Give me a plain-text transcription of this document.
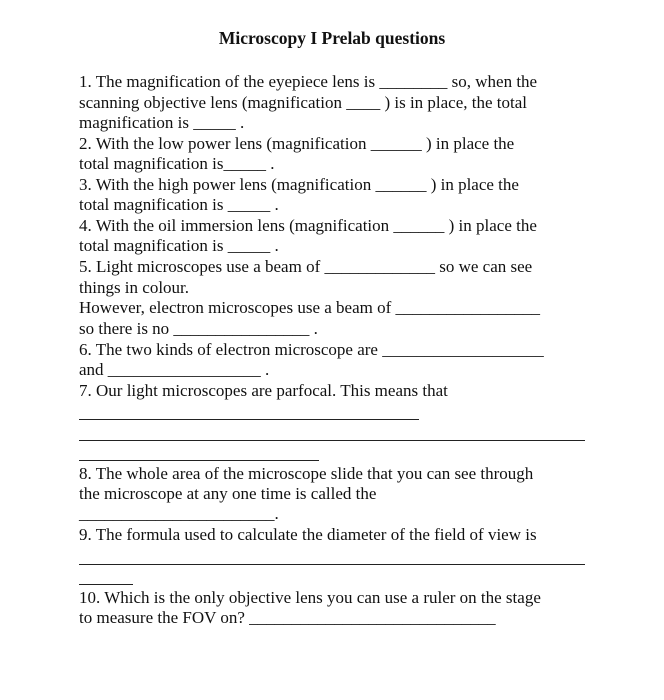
Microscopy I Prelab questions
1. The magnification of the eyepiece lens is ________ so, when the
scanning objective lens (magnification ____ ) is in place, the total
magnification is _____ .
2. With the low power lens (magnification ______ ) in place the
total magnification is_____ .
3. With the high power lens (magnification ______ ) in place the
total magnification is _____ .
4. With the oil immersion lens (magnification ______ ) in place the
total magnification is _____ .
5. Light microscopes use a beam of _____________ so we can see
things in colour.
However, electron microscopes use a beam of _________________
so there is no ________________ .
6. The two kinds of electron microscope are ___________________
and __________________ .
7. Our light microscopes are parfocal. This means that
8. The whole area of the microscope slide that you can see through
the microscope at any one time is called the
_______________________.
9. The formula used to calculate the diameter of the field of view is
10. Which is the only objective lens you can use a ruler on the stage
to measure the FOV on? _____________________________
